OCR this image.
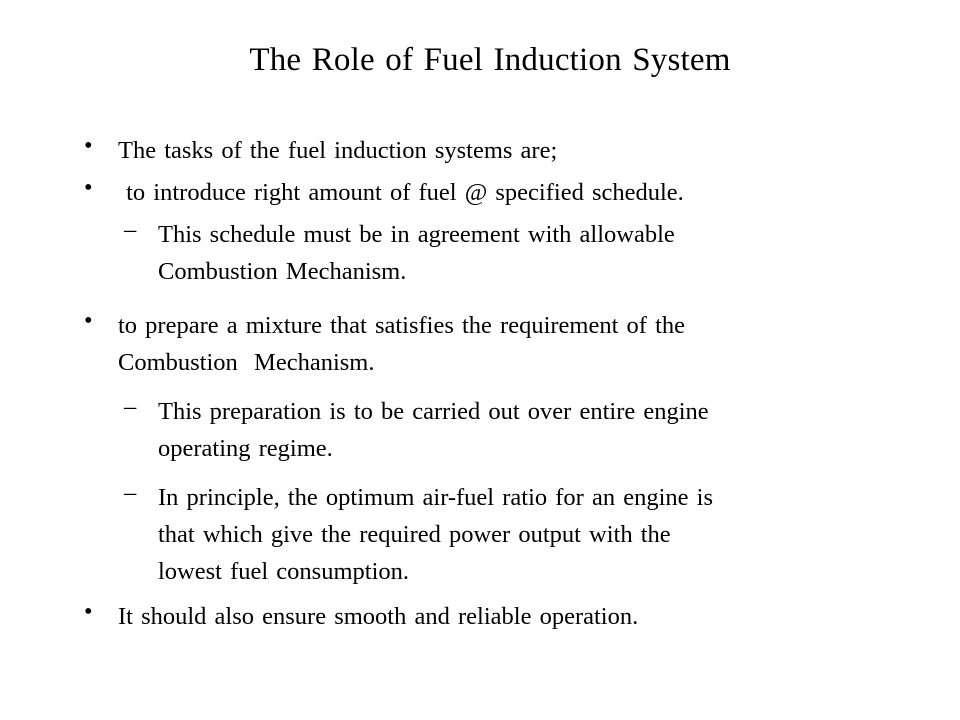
The Role of Fuel Induction System
•	The tasks of the fuel induction systems are;
•	to introduce right amount of fuel @ specified schedule.
– This schedule must be in agreement with allowable
Combustion Mechanism.
•	to prepare a mixture that satisfies the requirement of the
Combustion  Mechanism.
– This preparation is to be carried out over entire engine
operating regime.
– In principle, the optimum air-fuel ratio for an engine is
that which give the required power output with the
lowest fuel consumption.
•	It should also ensure smooth and reliable operation.
